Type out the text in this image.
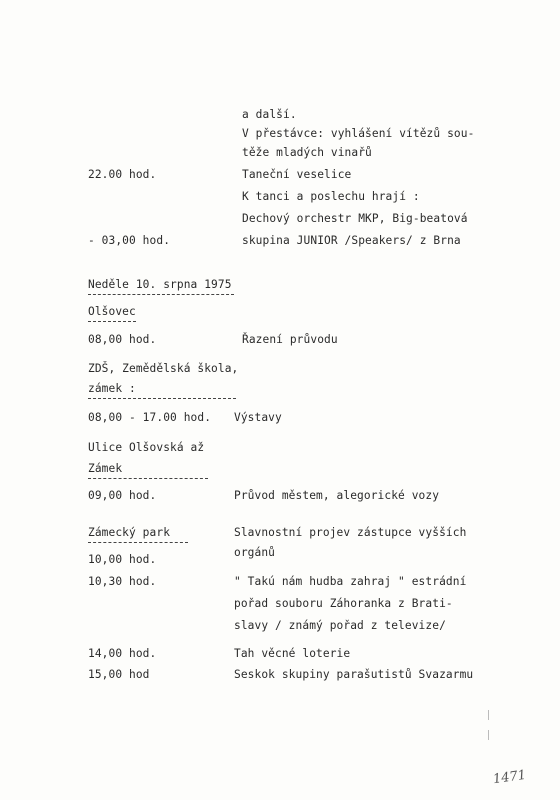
a další.
V přestávce: vyhlášení vítězů sou-
těže mladých vinařů
22.00 hod.	Taneční veselice
K tanci a poslechu hrají :
Dechový orchestr MKP, Big-beatová
- 03,00 hod.	skupina JUNIOR /Speakers/ z Brna
Neděle 10. srpna 1975
Olšovec
08,00 hod.	Řazení průvodu
ZDŠ, Zemědělská škola,
zámek :
08,00 - 17.00 hod. Výstavy
Ulice Olšovská až
Zámek
09,00 hod.	Průvod městem, alegorické vozy
Zámecký park	Slavnostní projev zástupce vyšších
orgánů
10,00 hod.
10,30 hod.	" Takú nám hudba zahraj " estrádní
pořad souboru Záhoranka z Brati-
slavy / známý pořad z televize/
14,00 hod.	Tah věcné loterie
15,00 hod	Seskok skupiny parašutistů Svazarmu
1471
